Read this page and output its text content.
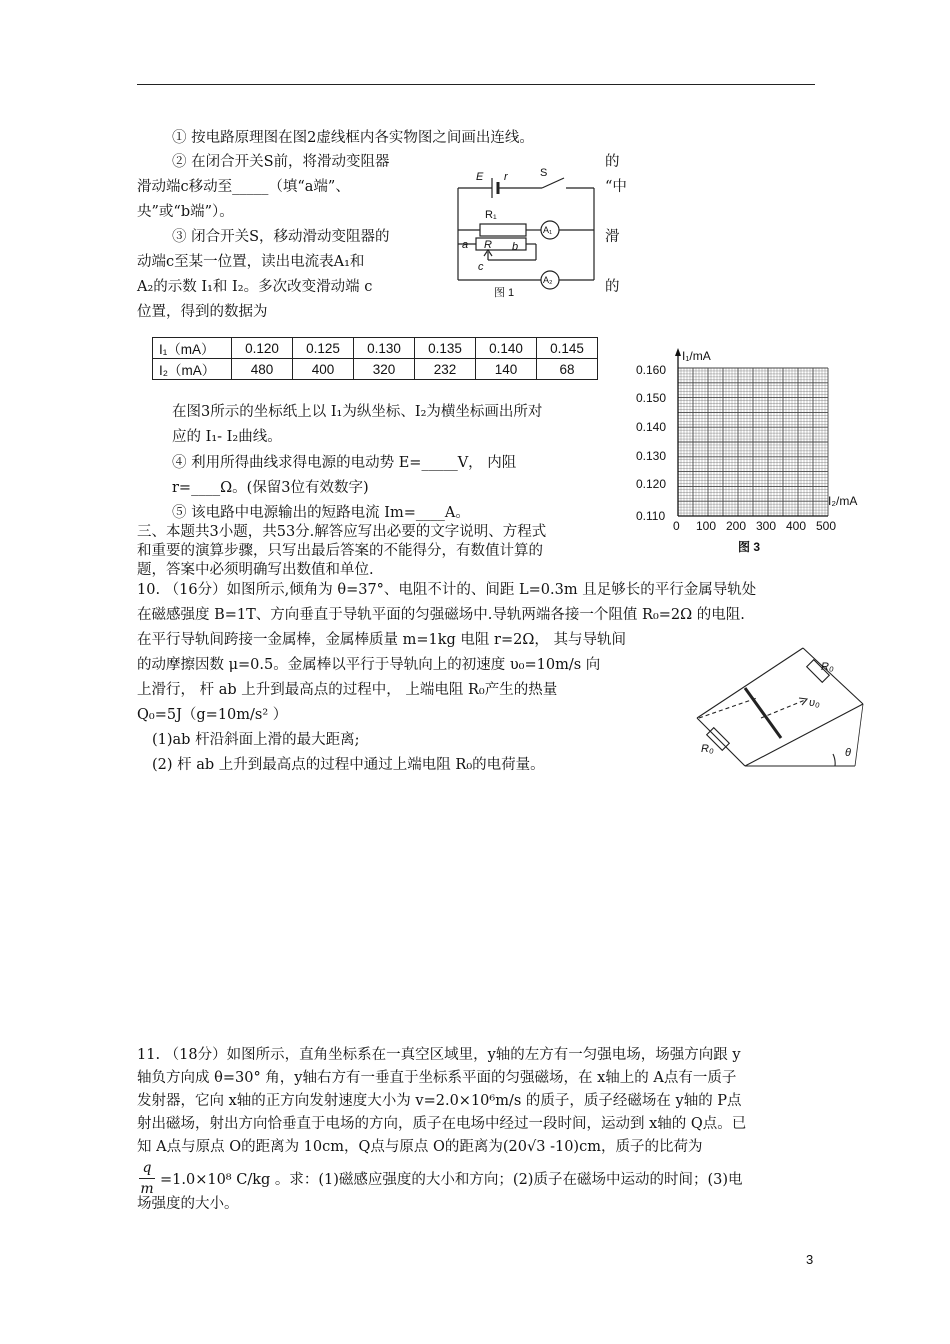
① 按电路原理图在图2虚线框内各实物图之间画出连线。
② 在闭合开关S前，将滑动变阻器	的
滑动端c移动至_____（填“a端”、	“中
央”或“b端”）。
③ 闭合开关S，移动滑动变阻器的	滑
动端c至某一位置，读出电流表A₁和
A₂的示数 I₁和 I₂。多次改变滑动端 c	的
位置，得到的数据为
E r	S
R₁
R
a	b
c
A₁
A₂
图 1
I₁（mA）	0.120	0.125	0.130	0.135	0.140	0.145
I₂（mA）	480	400	320	232	140	68
I₁/mA
I₂/mA
0.160
0.150
0.140
0.130
0.120
0.110
0 100 200 300 400 500
图 3
在图3所示的坐标纸上以 I₁为纵坐标、I₂为横坐标画出所对
应的 I₁- I₂曲线。
④ 利用所得曲线求得电源的电动势 E=_____V， 内阻
r=____Ω。(保留3位有效数字)
⑤ 该电路中电源输出的短路电流 Im=____A。
三、本题共3小题，共53分.解答应写出必要的文字说明、方程式
和重要的演算步骤，只写出最后答案的不能得分，有数值计算的
题，答案中必须明确写出数值和单位.
10. （16分）如图所示,倾角为 θ=37°、电阻不计的、间距 L=0.3m 且足够长的平行金属导轨处
在磁感强度 B=1T、方向垂直于导轨平面的匀强磁场中.导轨两端各接一个阻值 R₀=2Ω 的电阻.
在平行导轨间跨接一金属棒，金属棒质量 m=1kg 电阻 r=2Ω， 其与导轨间
的动摩擦因数 μ=0.5。金属棒以平行于导轨向上的初速度 υ₀=10m/s 向
上滑行， 杆 ab 上升到最高点的过程中， 上端电阻 R₀产生的热量
Q₀=5J（g=10m/s² ）
(1)ab 杆沿斜面上滑的最大距离;
(2) 杆 ab 上升到最高点的过程中通过上端电阻 R₀的电荷量。
R₀
R₀
υ₀
θ
11. （18分）如图所示，直角坐标系在一真空区域里，y轴的左方有一匀强电场，场强方向跟 y
轴负方向成 θ=30° 角，y轴右方有一垂直于坐标系平面的匀强磁场，在 x轴上的 A点有一质子
发射器，它向 x轴的正方向发射速度大小为 v=2.0×10⁶m/s 的质子，质子经磁场在 y轴的 P点
射出磁场，射出方向恰垂直于电场的方向，质子在电场中经过一段时间，运动到 x轴的 Q点。已
知 A点与原点 O的距离为 10cm，Q点与原点 O的距离为(20√3 -10)cm，质子的比荷为
q
m
=1.0×10⁸ C/kg 。求：(1)磁感应强度的大小和方向；(2)质子在磁场中运动的时间；(3)电
场强度的大小。
3
